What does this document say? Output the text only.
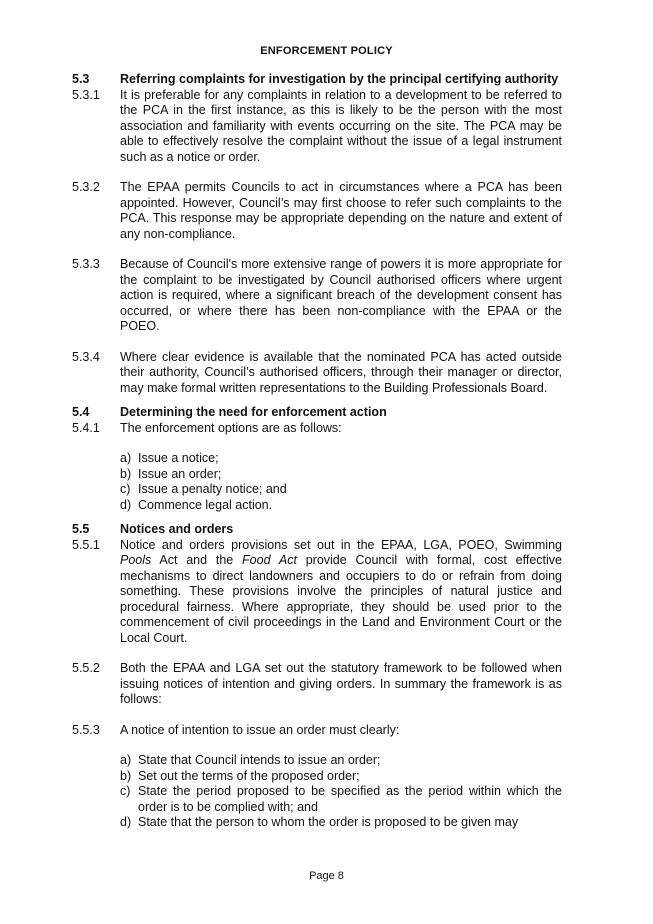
ENFORCEMENT POLICY
5.3	Referring complaints for investigation by the principal certifying authority
5.3.1	It is preferable for any complaints in relation to a development to be referred to the PCA in the first instance, as this is likely to be the person with the most association and familiarity with events occurring on the site. The PCA may be able to effectively resolve the complaint without the issue of a legal instrument such as a notice or order.
5.3.2	The EPAA permits Councils to act in circumstances where a PCA has been appointed. However, Council’s may first choose to refer such complaints to the PCA. This response may be appropriate depending on the nature and extent of any non-compliance.
5.3.3	Because of Council's more extensive range of powers it is more appropriate for the complaint to be investigated by Council authorised officers where urgent action is required, where a significant breach of the development consent has occurred, or where there has been non-compliance with the EPAA or the POEO.
5.3.4	Where clear evidence is available that the nominated PCA has acted outside their authority, Council’s authorised officers, through their manager or director, may make formal written representations to the Building Professionals Board.
5.4	Determining the need for enforcement action
5.4.1	The enforcement options are as follows:
a) Issue a notice;
b) Issue an order;
c) Issue a penalty notice; and
d) Commence legal action.
5.5	Notices and orders
5.5.1	Notice and orders provisions set out in the EPAA, LGA, POEO, Swimming Pools Act and the Food Act provide Council with formal, cost effective mechanisms to direct landowners and occupiers to do or refrain from doing something. These provisions involve the principles of natural justice and procedural fairness. Where appropriate, they should be used prior to the commencement of civil proceedings in the Land and Environment Court or the Local Court.
5.5.2	Both the EPAA and LGA set out the statutory framework to be followed when issuing notices of intention and giving orders. In summary the framework is as follows:
5.5.3	A notice of intention to issue an order must clearly:
a) State that Council intends to issue an order;
b) Set out the terms of the proposed order;
c) State the period proposed to be specified as the period within which the order is to be complied with; and
d) State that the person to whom the order is proposed to be given may
Page 8
